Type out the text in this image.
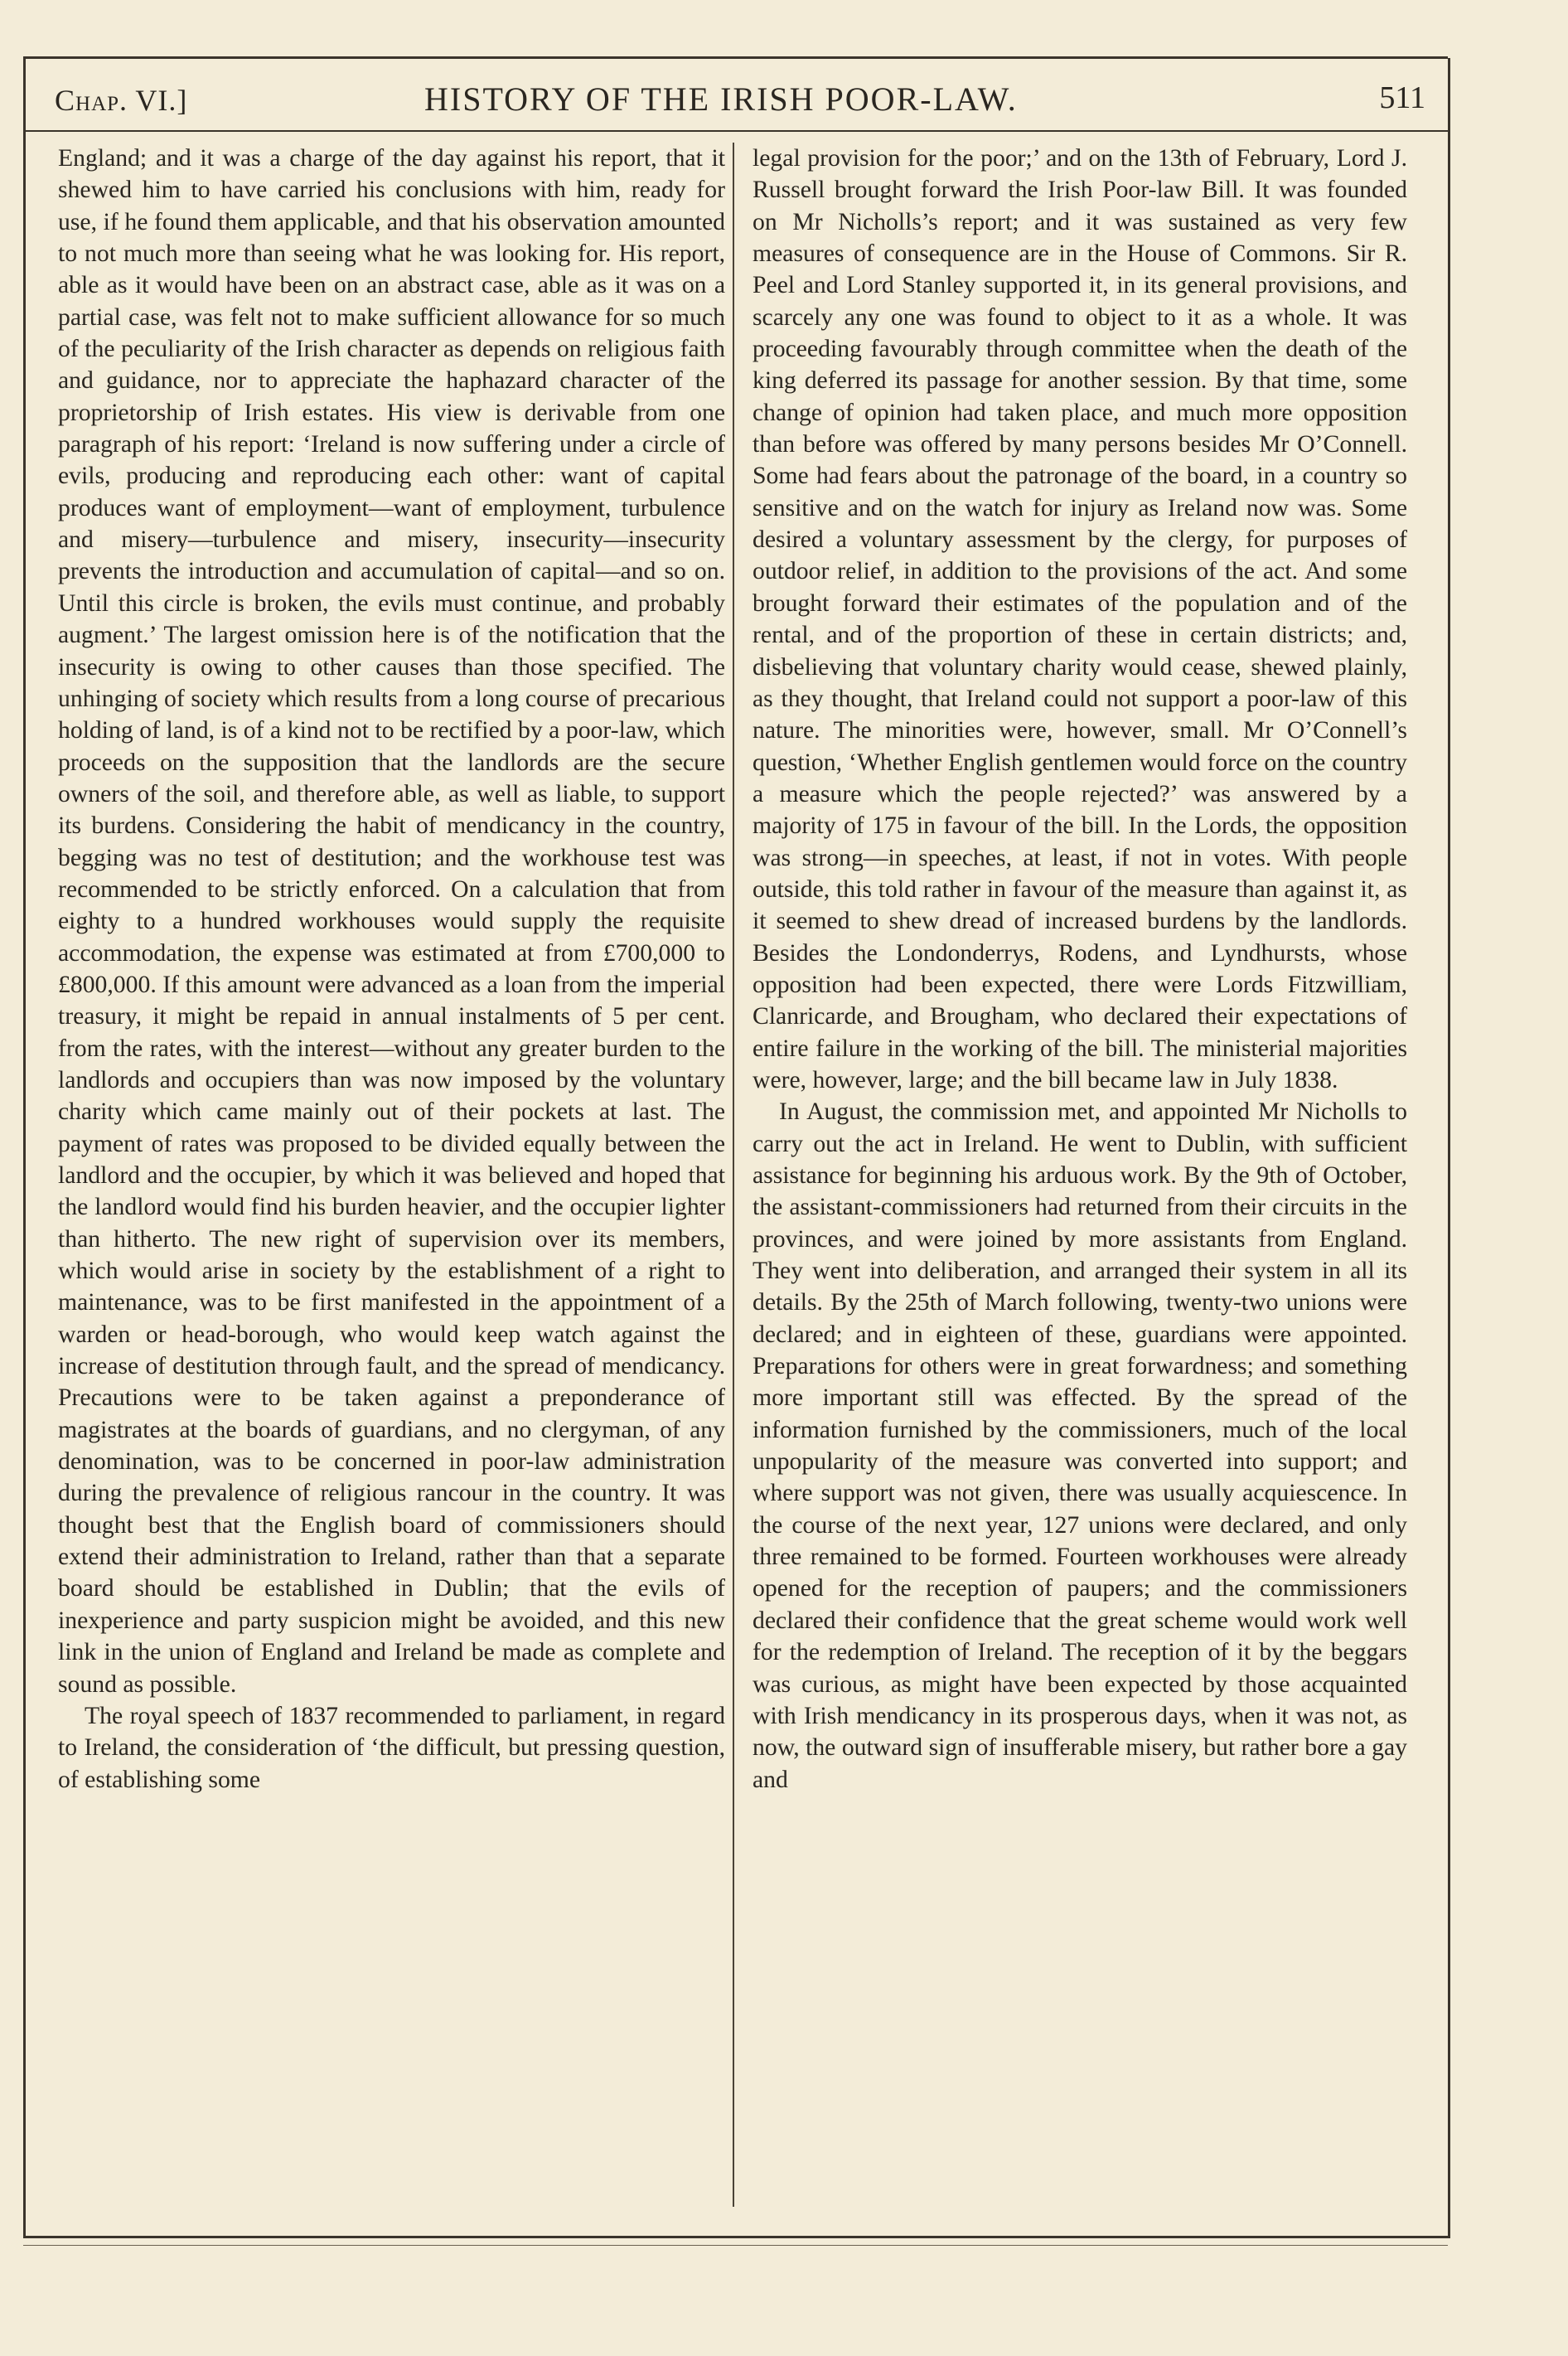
Chap. VI.]	HISTORY OF THE IRISH POOR-LAW.	511

England; and it was a charge of the day against his report, that it shewed him to have carried his conclusions with him, ready for use, if he found them applicable, and that his observation amounted to not much more than seeing what he was looking for. His report, able as it would have been on an abstract case, able as it was on a partial case, was felt not to make sufficient allowance for so much of the peculiarity of the Irish character as depends on religious faith and guidance, nor to appreciate the haphazard character of the proprietorship of Irish estates. His view is derivable from one paragraph of his report: ‘Ireland is now suffering under a circle of evils, producing and reproducing each other: want of capital produces want of employment—want of employment, turbulence and misery—turbulence and misery, insecurity—insecurity prevents the introduction and accumulation of capital—and so on. Until this circle is broken, the evils must continue, and probably augment.’ The largest omission here is of the notification that the insecurity is owing to other causes than those specified. The unhinging of society which results from a long course of precarious holding of land, is of a kind not to be rectified by a poor-law, which proceeds on the supposition that the landlords are the secure owners of the soil, and therefore able, as well as liable, to support its burdens. Considering the habit of mendicancy in the country, begging was no test of destitution; and the workhouse test was recommended to be strictly enforced. On a calculation that from eighty to a hundred workhouses would supply the requisite accommodation, the expense was estimated at from £700,000 to £800,000. If this amount were advanced as a loan from the imperial treasury, it might be repaid in annual instalments of 5 per cent. from the rates, with the interest—without any greater burden to the landlords and occupiers than was now imposed by the voluntary charity which came mainly out of their pockets at last. The payment of rates was proposed to be divided equally between the landlord and the occupier, by which it was believed and hoped that the landlord would find his burden heavier, and the occupier lighter than hitherto. The new right of supervision over its members, which would arise in society by the establishment of a right to maintenance, was to be first manifested in the appointment of a warden or head-borough, who would keep watch against the increase of destitution through fault, and the spread of mendicancy. Precautions were to be taken against a preponderance of magistrates at the boards of guardians, and no clergyman, of any denomination, was to be concerned in poor-law administration during the prevalence of religious rancour in the country. It was thought best that the English board of commissioners should extend their administration to Ireland, rather than that a separate board should be established in Dublin; that the evils of inexperience and party suspicion might be avoided, and this new link in the union of England and Ireland be made as complete and sound as possible.

The royal speech of 1837 recommended to parliament, in regard to Ireland, the consideration of ‘the difficult, but pressing question, of establishing some

legal provision for the poor;’ and on the 13th of February, Lord J. Russell brought forward the Irish Poor-law Bill. It was founded on Mr Nicholls’s report; and it was sustained as very few measures of consequence are in the House of Commons. Sir R. Peel and Lord Stanley supported it, in its general provisions, and scarcely any one was found to object to it as a whole. It was proceeding favourably through committee when the death of the king deferred its passage for another session. By that time, some change of opinion had taken place, and much more opposition than before was offered by many persons besides Mr O’Connell. Some had fears about the patronage of the board, in a country so sensitive and on the watch for injury as Ireland now was. Some desired a voluntary assessment by the clergy, for purposes of outdoor relief, in addition to the provisions of the act. And some brought forward their estimates of the population and of the rental, and of the proportion of these in certain districts; and, disbelieving that voluntary charity would cease, shewed plainly, as they thought, that Ireland could not support a poor-law of this nature. The minorities were, however, small. Mr O’Connell’s question, ‘Whether English gentlemen would force on the country a measure which the people rejected?’ was answered by a majority of 175 in favour of the bill. In the Lords, the opposition was strong—in speeches, at least, if not in votes. With people outside, this told rather in favour of the measure than against it, as it seemed to shew dread of increased burdens by the landlords. Besides the Londonderrys, Rodens, and Lyndhursts, whose opposition had been expected, there were Lords Fitzwilliam, Clanricarde, and Brougham, who declared their expectations of entire failure in the working of the bill. The ministerial majorities were, however, large; and the bill became law in July 1838.

In August, the commission met, and appointed Mr Nicholls to carry out the act in Ireland. He went to Dublin, with sufficient assistance for beginning his arduous work. By the 9th of October, the assistant-commissioners had returned from their circuits in the provinces, and were joined by more assistants from England. They went into deliberation, and arranged their system in all its details. By the 25th of March following, twenty-two unions were declared; and in eighteen of these, guardians were appointed. Preparations for others were in great forwardness; and something more important still was effected. By the spread of the information furnished by the commissioners, much of the local unpopularity of the measure was converted into support; and where support was not given, there was usually acquiescence. In the course of the next year, 127 unions were declared, and only three remained to be formed. Fourteen workhouses were already opened for the reception of paupers; and the commissioners declared their confidence that the great scheme would work well for the redemption of Ireland. The reception of it by the beggars was curious, as might have been expected by those acquainted with Irish mendicancy in its prosperous days, when it was not, as now, the outward sign of insufferable misery, but rather bore a gay and
